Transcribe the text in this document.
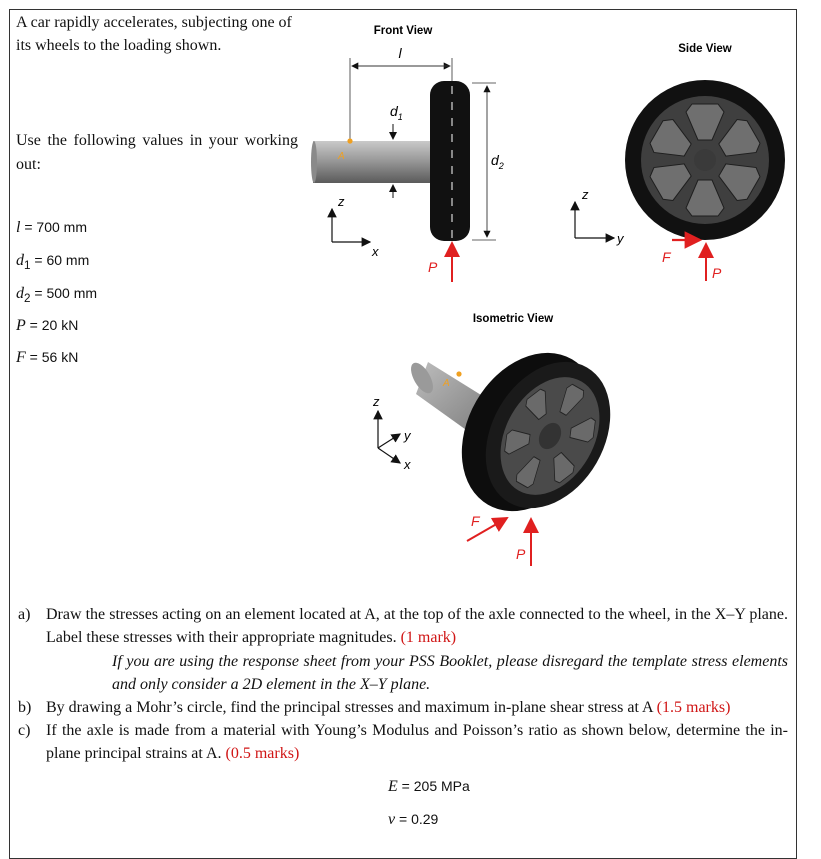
A car rapidly accelerates, subjecting one of its wheels to the loading shown.
Use the following values in your working out:
l = 700 mm
$d_1 = 60$ mm
$d_2 = 500$ mm
P = 20 kN
F = 56 kN
Front View
l
A
$d_1$
$d_2$
P
z
x
Side View
F
P
z
y
Isometric View
A
F
P
z
y
x
a) Draw the stresses acting on an element located at A, at the top of the axle connected to the wheel, in the X–Y plane. Label these stresses with their appropriate magnitudes. (1 mark)
If you are using the response sheet from your PSS Booklet, please disregard the template stress elements and only consider a 2D element in the X–Y plane.
b) By drawing a Mohr’s circle, find the principal stresses and maximum in-plane shear stress at A (1.5 marks)
c) If the axle is made from a material with Young’s Modulus and Poisson’s ratio as shown below, determine the in-plane principal strains at A. (0.5 marks)
E = 205 MPa
ν = 0.29
